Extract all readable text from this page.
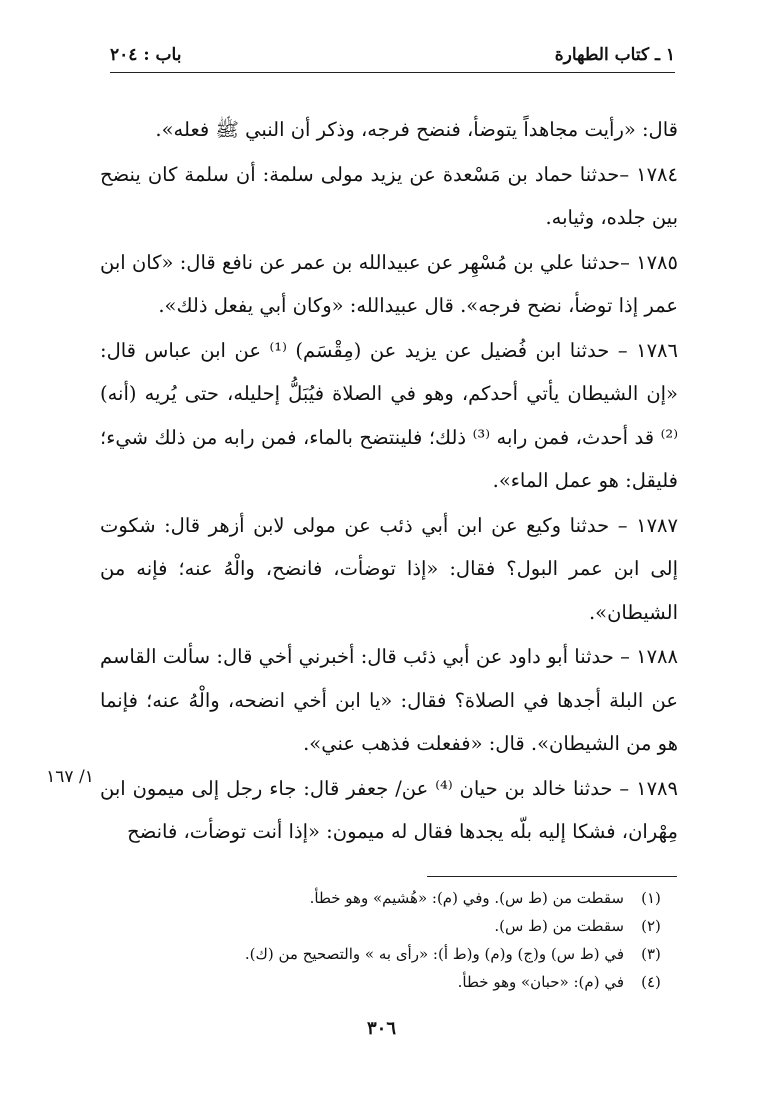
١ ـ كتاب الطهارة
باب : ٢٠٤

قال: «رأيت مجاهداً يتوضأ، فنضح فرجه، وذكر أن النبي ﷺ فعله».

١٧٨٤ –حدثنا حماد بن مَسْعدة عن يزيد مولى سلمة: أن سلمة كان ينضح بين جلده، وثيابه.

١٧٨٥ –حدثنا علي بن مُسْهِر عن عبيدالله بن عمر عن نافع قال: «كان ابن عمر إذا توضأ، نضح فرجه». قال عبيدالله: «وكان أبي يفعل ذلك».

١٧٨٦ – حدثنا ابن فُضيل عن يزيد عن (مِقْسَم) ⁽¹⁾ عن ابن عباس قال: «إن الشيطان يأتي أحدكم، وهو في الصلاة فيُبَلُّ إحليله، حتى يُريه (أنه) ⁽²⁾ قد أحدث، فمن رابه ⁽³⁾ ذلك؛ فلينتضح بالماء، فمن رابه من ذلك شيء؛ فليقل: هو عمل الماء».

١٧٨٧ – حدثنا وكيع عن ابن أبي ذئب عن مولى لابن أزهر قال: شكوت إلى ابن عمر البول؟ فقال: «إذا توضأت، فانضح، والْهُ عنه؛ فإنه من الشيطان».

١٧٨٨ – حدثنا أبو داود عن أبي ذئب قال: أخبرني أخي قال: سألت القاسم عن البلة أجدها في الصلاة؟ فقال: «يا ابن أخي انضحه، والْهُ عنه؛ فإنما هو من الشيطان». قال: «ففعلت فذهب عني».

١٧٨٩ – حدثنا خالد بن حيان ⁽⁴⁾ عن/ جعفر قال: جاء رجل إلى ميمون ابن مِهْران، فشكا إليه بلّه يجدها فقال له ميمون: «إذا أنت توضأت، فانضح

١/ ١٦٧
(١)
سقطت من (ط س). وفي (م): «هُشيم» وهو خطأ.
(٢)
سقطت من (ط س).
(٣)
في (ط س) و(ج) و(م) و(ط أ): «رأى به » والتصحيح من (ك).
(٤)
في (م): «حبان» وهو خطأ.
٣٠٦
